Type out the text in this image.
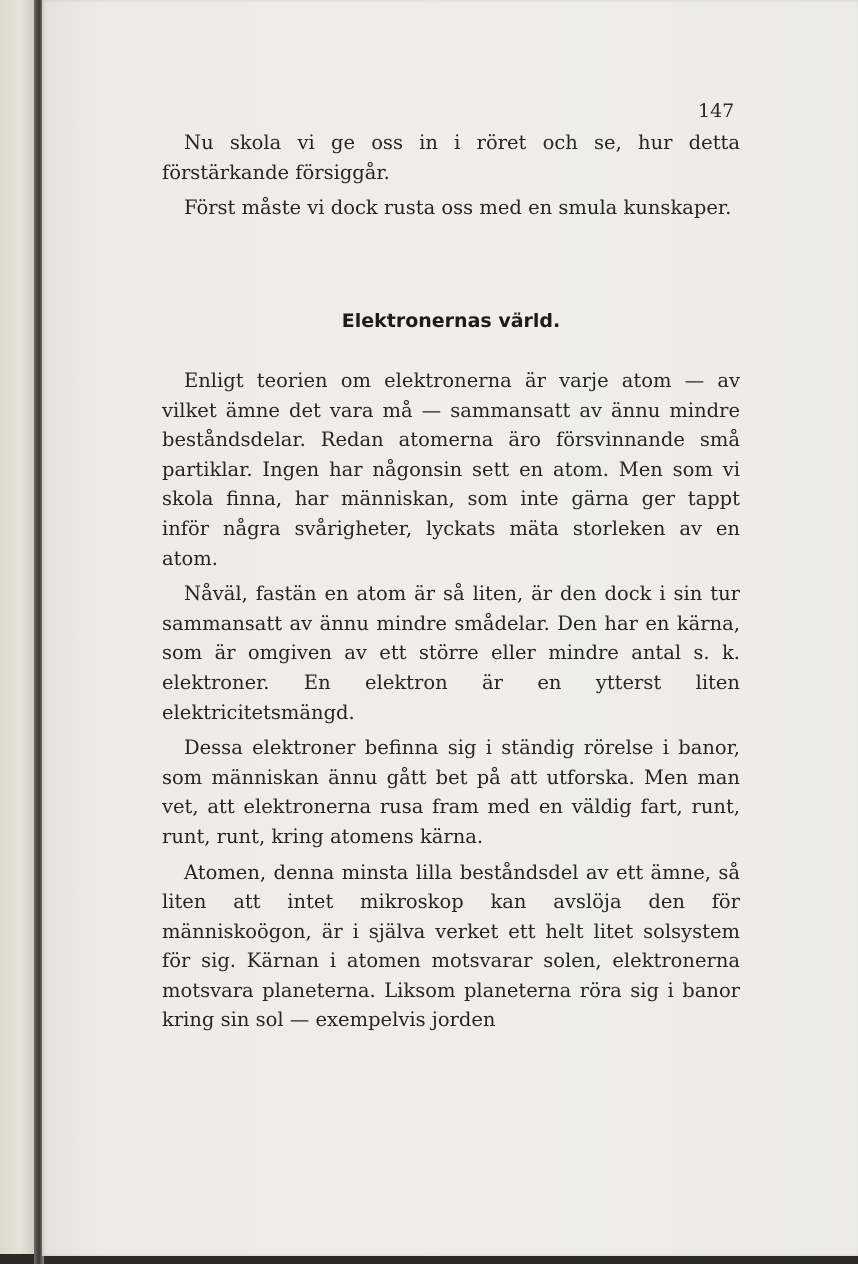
147

Nu skola vi ge oss in i röret och se, hur detta förstärkande försiggår.

Först måste vi dock rusta oss med en smula kunskaper.

Elektronernas värld.

Enligt teorien om elektronerna är varje atom — av vilket ämne det vara må — sammansatt av ännu mindre beståndsdelar. Redan atomerna äro försvinnande små partiklar. Ingen har någonsin sett en atom. Men som vi skola finna, har människan, som inte gärna ger tappt inför några svårigheter, lyckats mäta storleken av en atom.

Nåväl, fastän en atom är så liten, är den dock i sin tur sammansatt av ännu mindre smådelar. Den har en kärna, som är omgiven av ett större eller mindre antal s. k. elektroner. En elektron är en ytterst liten elektricitetsmängd.

Dessa elektroner befinna sig i ständig rörelse i banor, som människan ännu gått bet på att utforska. Men man vet, att elektronerna rusa fram med en väldig fart, runt, runt, runt, kring atomens kärna.

Atomen, denna minsta lilla beståndsdel av ett ämne, så liten att intet mikroskop kan avslöja den för människoögon, är i själva verket ett helt litet solsystem för sig. Kärnan i atomen motsvarar solen, elektronerna motsvara planeterna. Liksom planeterna röra sig i banor kring sin sol — exempelvis jorden
